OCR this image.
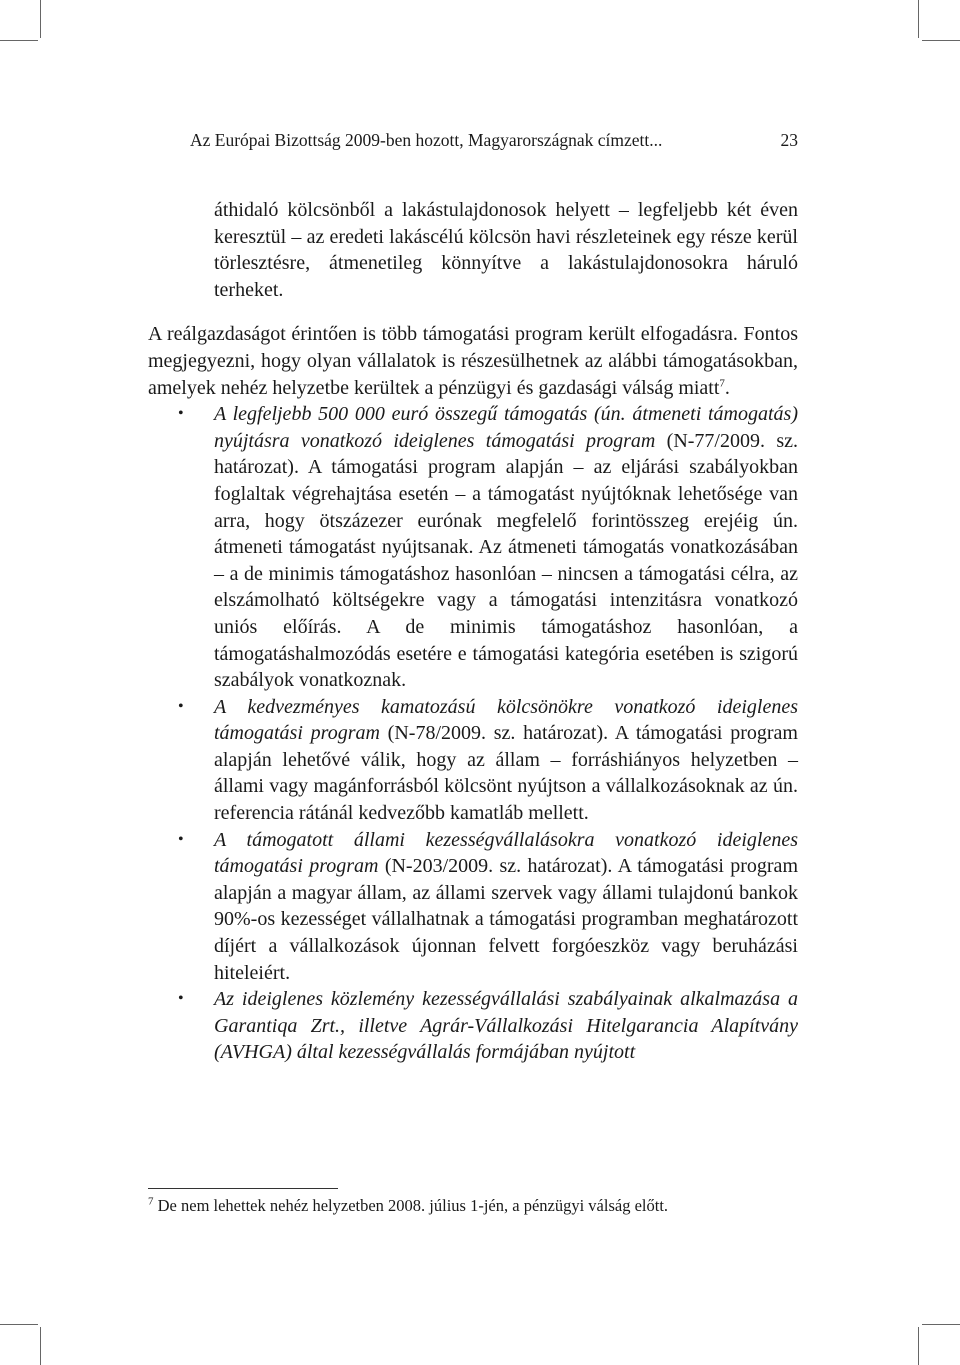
Az Európai Bizottság 2009-ben hozott, Magyarországnak címzett...	23

áthidaló kölcsönből a lakástulajdonosok helyett – legfeljebb két éven keresztül – az eredeti lakáscélú kölcsön havi részleteinek egy része kerül törlesztésre, átmenetileg könnyítve a lakástulajdonosokra háruló terheket.

A reálgazdaságot érintően is több támogatási program került elfogadásra. Fontos megjegyezni, hogy olyan vállalatok is részesülhetnek az alábbi támogatásokban, amelyek nehéz helyzetbe kerültek a pénzügyi és gazdasági válság miatt$^7$.

• A legfeljebb 500 000 euró összegű támogatás (ún. átmeneti támogatás) nyújtásra vonatkozó ideiglenes támogatási program (N-77/2009. sz. határozat). A támogatási program alapján – az eljárási szabályokban foglaltak végrehajtása esetén – a támogatást nyújtóknak lehetősége van arra, hogy ötszázezer eurónak megfelelő forintösszeg erejéig ún. átmeneti támogatást nyújtsanak. Az átmeneti támogatás vonatkozásában – a de minimis támogatáshoz hasonlóan – nincsen a támogatási célra, az elszámolható költségekre vagy a támogatási intenzitásra vonatkozó uniós előírás. A de minimis támogatáshoz hasonlóan, a támogatáshalmozódás esetére e támogatási kategória esetében is szigorú szabályok vonatkoznak.
• A kedvezményes kamatozású kölcsönökre vonatkozó ideiglenes támogatási program (N-78/2009. sz. határozat). A támogatási program alapján lehetővé válik, hogy az állam – forráshiányos helyzetben – állami vagy magánforrásból kölcsönt nyújtson a vállalkozásoknak az ún. referencia rátánál kedvezőbb kamatláb mellett.
• A támogatott állami kezességvállalásokra vonatkozó ideiglenes támogatási program (N-203/2009. sz. határozat). A támogatási program alapján a magyar állam, az állami szervek vagy állami tulajdonú bankok 90%-os kezességet vállalhatnak a támogatási programban meghatározott díjért a vállalkozások újonnan felvett forgóeszköz vagy beruházási hiteleiért.
• Az ideiglenes közlemény kezességvállalási szabályainak alkalmazása a Garantiqa Zrt., illetve Agrár-Vállalkozási Hitelgarancia Alapítvány (AVHGA) által kezességvállalás formájában nyújtott
$^7$ De nem lehettek nehéz helyzetben 2008. július 1-jén, a pénzügyi válság előtt.
